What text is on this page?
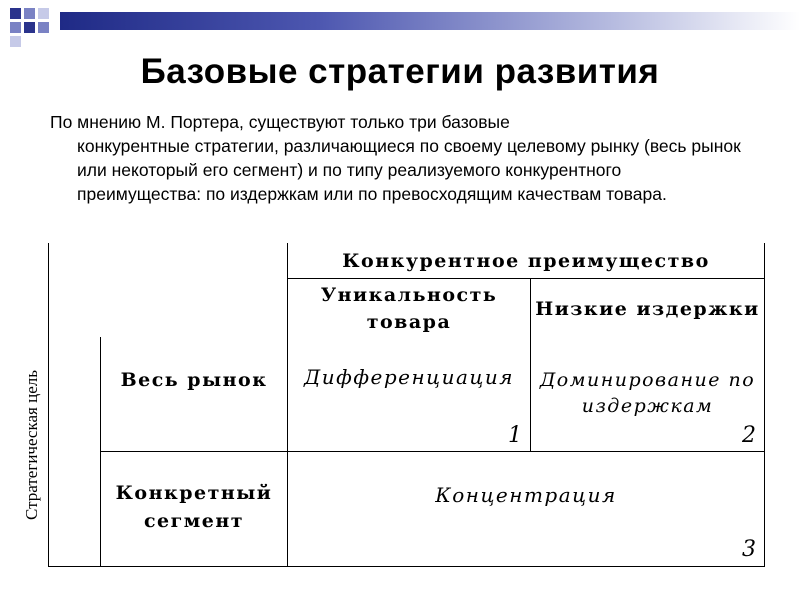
Базовые стратегии развития
По мнению М. Портера, существуют только три базовые
конкурентные стратегии, различающиеся по своему целевому рынку (весь рынок или некоторый его сегмент) и по типу реализуемого конкурентного преимущества: по издержкам или по превосходящим качествам товара.
Конкурентное преимущество
Уникальность товара
Низкие издержки
Весь рынок
Конкретный сегмент
Дифференциация	Доминирование по издержкам
Концентрация
1	2
3
Стратегическая цель
